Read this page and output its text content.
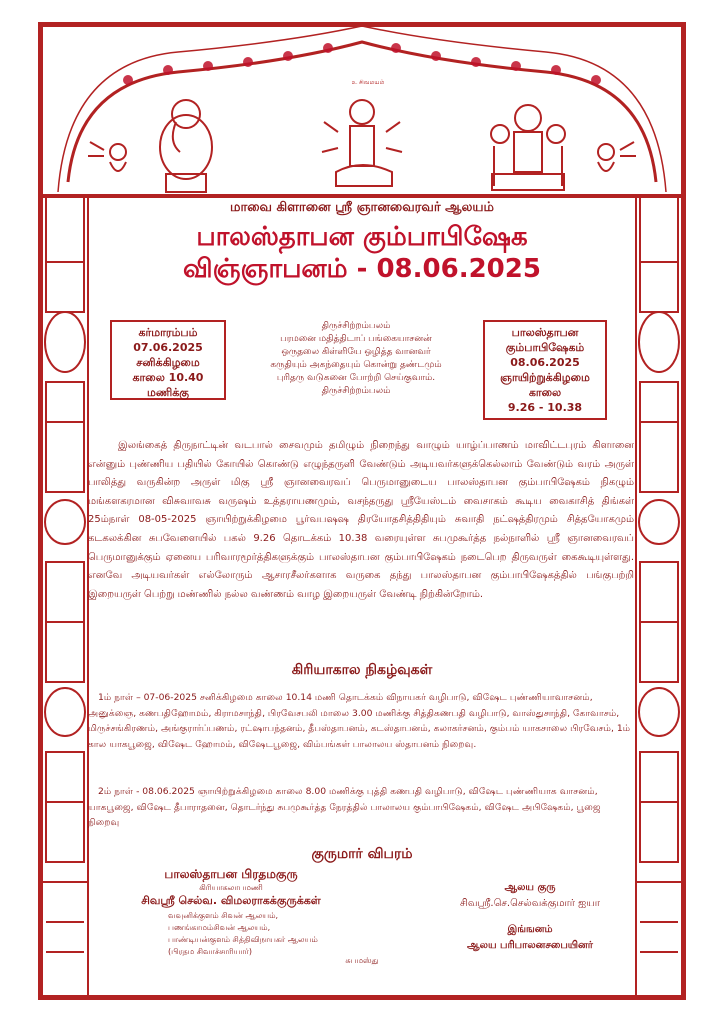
உ சிவமயம்

மாவை கிளானை ஸ்ரீ ஞானவைரவர் ஆலயம்

பாலஸ்தாபன கும்பாபிஷேக

விஞ்ஞாபனம் - 08.06.2025

கர்மாரம்பம்
07.06.2025
சனிக்கிழமை
காலை 10.40
மணிக்கு
திருச்சிற்றம்பலம்
பரமனை மதித்திடாப் பங்கையாசனன்
ஒருதலை கிள்ளியே ஒழித்த வானவர்
கருதியும் அகந்தையும் கொன்று தண்டமும்
புரிதரு வடுகனை போற்றி செய்குவாம்.
திருச்சிற்றம்பலம்
பாலஸ்தாபன
கும்பாபிஷேகம்
08.06.2025
ஞாயிற்றுக்கிழமை
காலை
9.26 - 10.38

இலங்கைத் திருநாட்டின் வடபால் சைவமும் தமிழும் நிறைந்து வாழும் யாழ்ப்பாணம் மாவிட்டபுரம் கிளானை என்னும் புண்ணிய பதியில் கோயில் கொண்டு எழுந்தருளி வேண்டும் அடியவர்களுக்கெல்லாம் வேண்டும் வரம் அருள் பாலித்து வருகின்ற அருள் மிகு ஸ்ரீ ஞானவைரவப் பெருமானுடைய பாலஸ்தாபன கும்பாபிஷேகம் நிகழும் மங்களகரமான விசுவாவசு வருஷம் உத்தராயணமும், வசந்தருது ஸ்ரீயேஸ்டம் வைசாகம் கூடிய வைகாசித் திங்கள் 25ம்நாள் 08-05-2025 ஞாயிற்றுக்கிழமை பூர்வபஷஷ திரயோதசித்திதியும் சுவாதி நட்ஷத்திரமும் சித்தயோகமும் கடகலக்கின சுபவேளையில் பகல் 9.26 தொடக்கம் 10.38 வரையுள்ள சுபமுகூர்த்த நல்நாளில் ஸ்ரீ ஞானவைரவப் பெருமானுக்கும் ஏனைய பரிவாரமூர்த்திகளுக்கும் பாலஸ்தாபன கும்பாபிஷேகம் நடைபெற திருவருள் கைகூடியுள்ளது. எனவே அடியவர்கள் எல்லோரும் ஆசாரசீலர்களாக வருகை தந்து பாலஸ்தாபன கும்பாபிஷேகத்தில் பங்குபற்றி இறையருள் பெற்று மண்ணில் நல்ல வண்ணம் வாழ இறையருள் வேண்டி நிற்கின்றோம்.

கிரியாகால நிகழ்வுகள்

1ம் நாள் – 07-06-2025 சனிக்கிழமை காலை 10.14 மணி தொடக்கம் விநாயகர் வழிபாடு, விஷேட புண்ணியாவாசனம், அனுக்ஞை, கணபதிஹோமம், கிராமசாந்தி, பிரவேசபலி மாலை 3.00 மணிக்கு சித்திகணபதி வழிபாடு, வாஸ்துசாந்தி, கோவாசம், மிருச்சங்கிரணம், அங்குரார்ப்பணம், ரட்ஷாபந்தனம், தீபஸ்தாபனம், கடஸ்தாபனம், கலாகர்சனம், கும்பம் யாகசாலை பிரவேசம், 1ம் கால யாகபூஜை, விஷேட ஹோமம், விஷேடபூஜை, விம்பங்கள் பாலாலய ஸ்தாபனம் நிறைவு.

2ம் நாள் - 08.06.2025 ஞாயிற்றுக்கிழமை காலை 8.00 மணிக்கு புத்தி கணபதி வழிபாடு, விஷேட புண்ணியாக வாசனம், யாகபூஜை, விஷேட தீபாராதனை, தொடர்ந்து சுபமுகூர்த்த நேரத்தில் பாலாலய கும்பாபிஷேகம், விஷேட அபிஷேகம், பூஜை நிறைவு

குருமார் விபரம்

பாலஸ்தாபன பிரதமகுரு
கிரியாகலாபமணி
சிவஸ்ரீ செல்வ. விமலராகக்குருக்கள்
வவுனிக்குளம் சிவன் ஆலயம்,
பணங்காமம்சிவன் ஆலயம்,
பாண்டியன்குளம் சித்திவிநாயகர் ஆலயம்
(பிரதம சிவாச்சாரியார்)
ஆலய குரு
சிவஸ்ரீ.செ.செல்வக்குமார் ஐயா
இங்ஙனம்
ஆலய பரிபாலனசபையினர்

சுபமஸ்து
